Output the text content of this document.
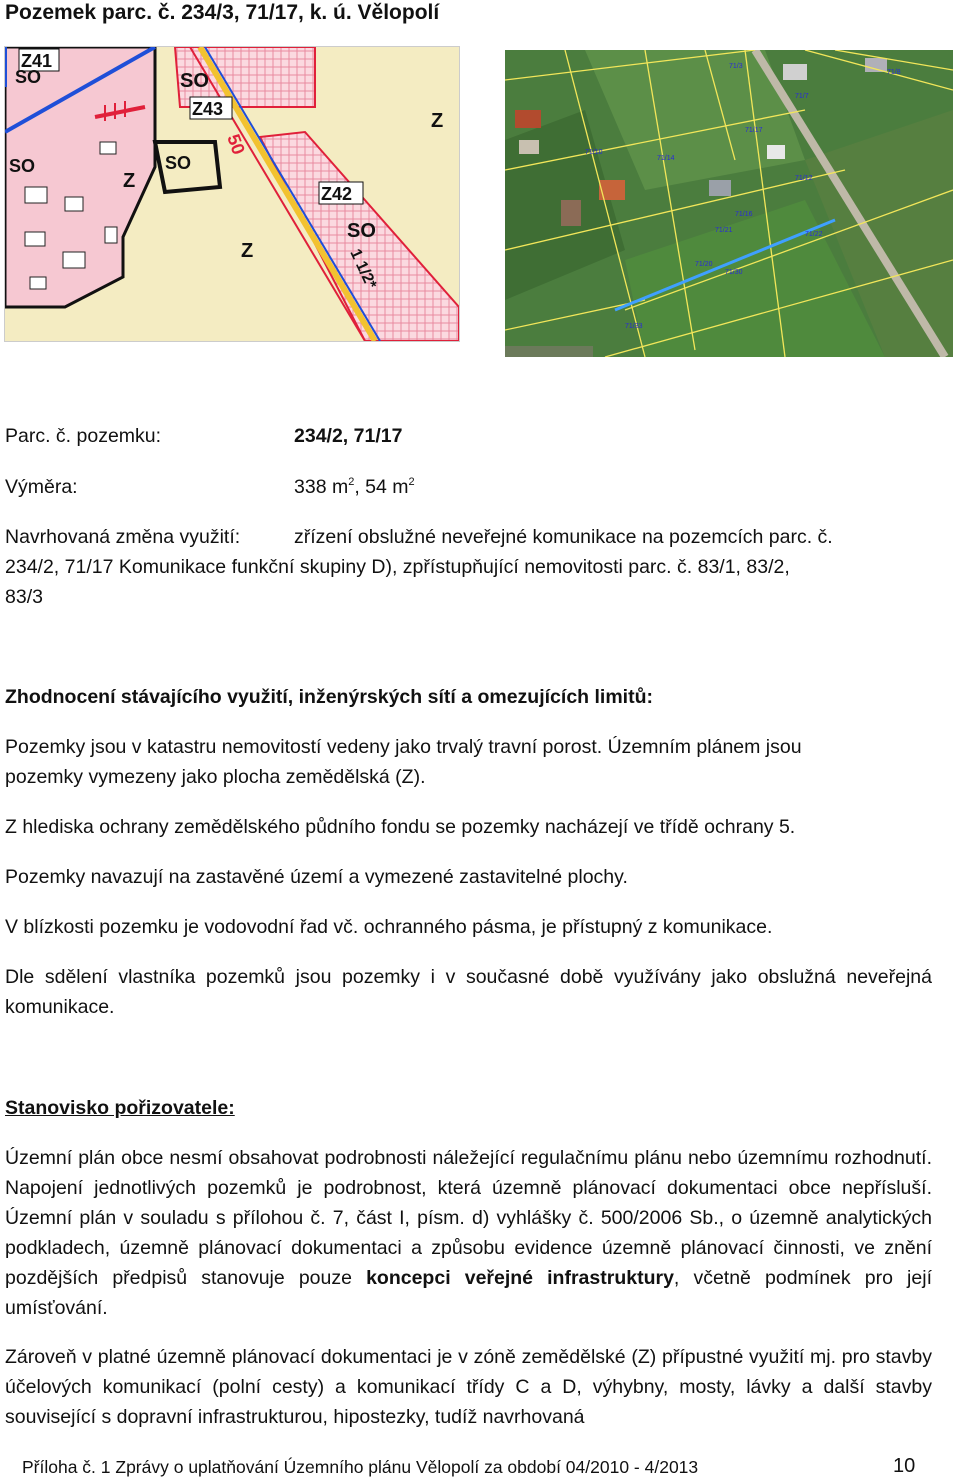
Pozemek parc. č. 234/3, 71/17, k. ú. Vělopolí
Z41
SO	SO
Z43
50
Z
SO
SO
Z
Z42
SO
1 1/2*
Z
71/3
71/7
71/8
71/17
71/14
71/10
71/12
71/16
71/21
71/22
71/20
71/30
71/33
Parc. č. pozemku:	234/2, 71/17
Výměra:	338 $m^2$, 54 $m^2$
Navrhovaná změna využití:	zřízení obslužné neveřejné komunikace na pozemcích parc. č.
234/2, 71/17 Komunikace funkční skupiny D), zpřístupňující nemovitosti parc. č. 83/1, 83/2,
83/3
Zhodnocení stávajícího využití, inženýrských sítí a omezujících limitů:
Pozemky jsou v katastru nemovitostí vedeny jako trvalý travní porost. Územním plánem jsou
pozemky vymezeny jako plocha zemědělská (Z).
Z hlediska ochrany zemědělského půdního fondu se pozemky nacházejí ve třídě ochrany 5.
Pozemky navazují na zastavěné území a vymezené zastavitelné plochy.
V blízkosti pozemku je vodovodní řad vč. ochranného pásma, je přístupný z komunikace.

Dle sdělení vlastníka pozemků jsou pozemky i v současné době využívány jako obslužná neveřejná komunikace.

Stanovisko pořizovatele:

Územní plán obce nesmí obsahovat podrobnosti náležející regulačnímu plánu nebo územnímu rozhodnutí. Napojení jednotlivých pozemků je podrobnost, která územně plánovací dokumentaci obce nepřísluší. Územní plán v souladu s přílohou č. 7, část I, písm. d) vyhlášky č. 500/2006 Sb., o územně analytických podkladech, územně plánovací dokumentaci a způsobu evidence územně plánovací činnosti, ve znění pozdějších předpisů stanovuje pouze koncepci veřejné infrastruktury, včetně podmínek pro její umísťování.

Zároveň v platné územně plánovací dokumentaci je v zóně zemědělské (Z) přípustné využití mj. pro stavby účelových komunikací (polní cesty) a komunikací třídy C a D, výhybny, mosty, lávky a další stavby související s dopravní infrastrukturou, hipostezky, tudíž navrhovaná

Příloha č. 1 Zprávy o uplatňování Územního plánu Vělopolí za období 04/2010 - 4/2013	10
